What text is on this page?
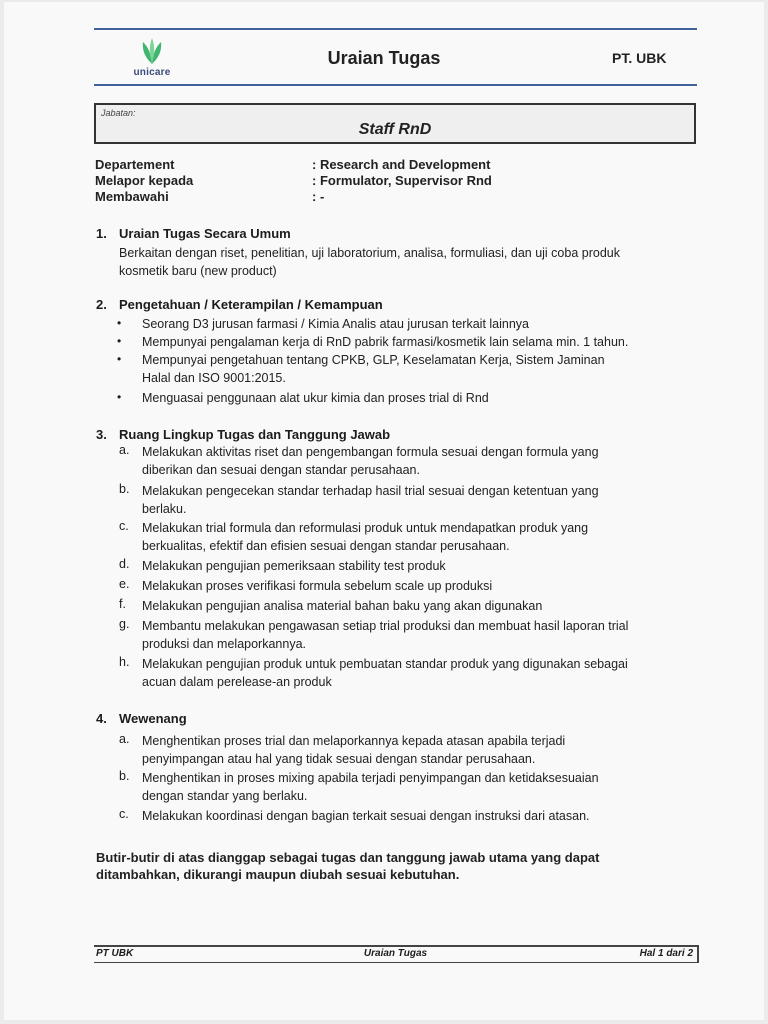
unicare
Uraian Tugas	PT. UBK
Jabatan:
Staff RnD
Departement	: Research and Development
Melapor kepada	: Formulator, Supervisor Rnd
Membawahi	: -
1. Uraian Tugas Secara Umum
Berkaitan dengan riset, penelitian, uji laboratorium, analisa, formuliasi, dan uji coba produk
kosmetik baru (new product)
2. Pengetahuan / Keterampilan / Kemampuan
• Seorang D3 jurusan farmasi / Kimia Analis atau jurusan terkait lainnya
• Mempunyai pengalaman kerja di RnD pabrik farmasi/kosmetik lain selama min. 1 tahun.
• Mempunyai pengetahuan tentang CPKB, GLP, Keselamatan Kerja, Sistem Jaminan
Halal dan ISO 9001:2015.
• Menguasai penggunaan alat ukur kimia dan proses trial di Rnd
3. Ruang Lingkup Tugas dan Tanggung Jawab
a. Melakukan aktivitas riset dan pengembangan formula sesuai dengan formula yang
diberikan dan sesuai dengan standar perusahaan.
b. Melakukan pengecekan standar terhadap hasil trial sesuai dengan ketentuan yang
berlaku.
c. Melakukan trial formula dan reformulasi produk untuk mendapatkan produk yang
berkualitas, efektif dan efisien sesuai dengan standar perusahaan.
d. Melakukan pengujian pemeriksaan stability test produk
e. Melakukan proses verifikasi formula sebelum scale up produksi
f. Melakukan pengujian analisa material bahan baku yang akan digunakan
g. Membantu melakukan pengawasan setiap trial produksi dan membuat hasil laporan trial
produksi dan melaporkannya.
h. Melakukan pengujian produk untuk pembuatan standar produk yang digunakan sebagai
acuan dalam perelease-an produk
4. Wewenang
a. Menghentikan proses trial dan melaporkannya kepada atasan apabila terjadi
penyimpangan atau hal yang tidak sesuai dengan standar perusahaan.
b. Menghentikan in proses mixing apabila terjadi penyimpangan dan ketidaksesuaian
dengan standar yang berlaku.
c. Melakukan koordinasi dengan bagian terkait sesuai dengan instruksi dari atasan.
Butir-butir di atas dianggap sebagai tugas dan tanggung jawab utama yang dapat
ditambahkan, dikurangi maupun diubah sesuai kebutuhan.
PT UBK	Uraian Tugas	Hal 1 dari 2
